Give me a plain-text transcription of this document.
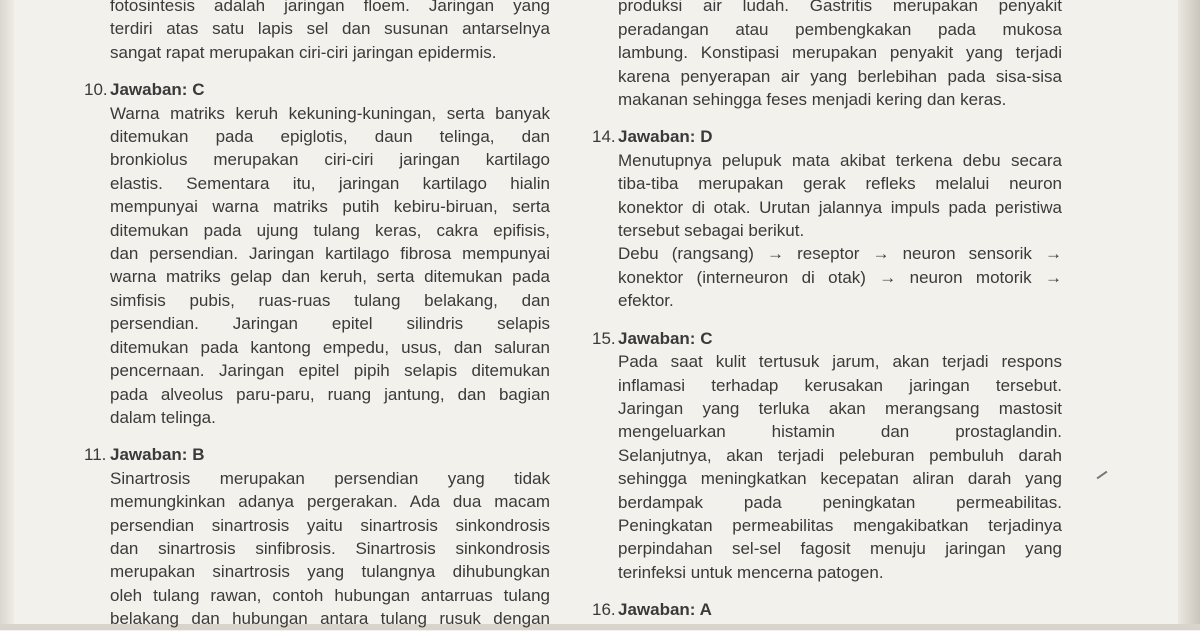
fotosintesis adalah jaringan floem. Jaringan yang
terdiri atas satu lapis sel dan susunan antarselnya
sangat rapat merupakan ciri-ciri jaringan epidermis.
10. Jawaban: C
Warna matriks keruh kekuning-kuningan, serta banyak
ditemukan pada epiglotis, daun telinga, dan
bronkiolus merupakan ciri-ciri jaringan kartilago
elastis. Sementara itu, jaringan kartilago hialin
mempunyai warna matriks putih kebiru-biruan, serta
ditemukan pada ujung tulang keras, cakra epifisis,
dan persendian. Jaringan kartilago fibrosa mempunyai
warna matriks gelap dan keruh, serta ditemukan pada
simfisis pubis, ruas-ruas tulang belakang, dan
persendian. Jaringan epitel silindris selapis
ditemukan pada kantong empedu, usus, dan saluran
pencernaan. Jaringan epitel pipih selapis ditemukan
pada alveolus paru-paru, ruang jantung, dan bagian
dalam telinga.
11. Jawaban: B
Sinartrosis merupakan persendian yang tidak
memungkinkan adanya pergerakan. Ada dua macam
persendian sinartrosis yaitu sinartrosis sinkondrosis
dan sinartrosis sinfibrosis. Sinartrosis sinkondrosis
merupakan sinartrosis yang tulangnya dihubungkan
oleh tulang rawan, contoh hubungan antarruas tulang
belakang dan hubungan antara tulang rusuk dengan
produksi air ludah. Gastritis merupakan penyakit
peradangan atau pembengkakan pada mukosa
lambung. Konstipasi merupakan penyakit yang terjadi
karena penyerapan air yang berlebihan pada sisa-sisa
makanan sehingga feses menjadi kering dan keras.
14. Jawaban: D
Menutupnya pelupuk mata akibat terkena debu secara
tiba-tiba merupakan gerak refleks melalui neuron
konektor di otak. Urutan jalannya impuls pada peristiwa
tersebut sebagai berikut.
Debu (rangsang) → reseptor → neuron sensorik →
konektor (interneuron di otak) → neuron motorik →
efektor.
15. Jawaban: C
Pada saat kulit tertusuk jarum, akan terjadi respons
inflamasi terhadap kerusakan jaringan tersebut.
Jaringan yang terluka akan merangsang mastosit
mengeluarkan histamin dan prostaglandin.
Selanjutnya, akan terjadi peleburan pembuluh darah
sehingga meningkatkan kecepatan aliran darah yang
berdampak pada peningkatan permeabilitas.
Peningkatan permeabilitas mengakibatkan terjadinya
perpindahan sel-sel fagosit menuju jaringan yang
terinfeksi untuk mencerna patogen.
16. Jawaban: A
